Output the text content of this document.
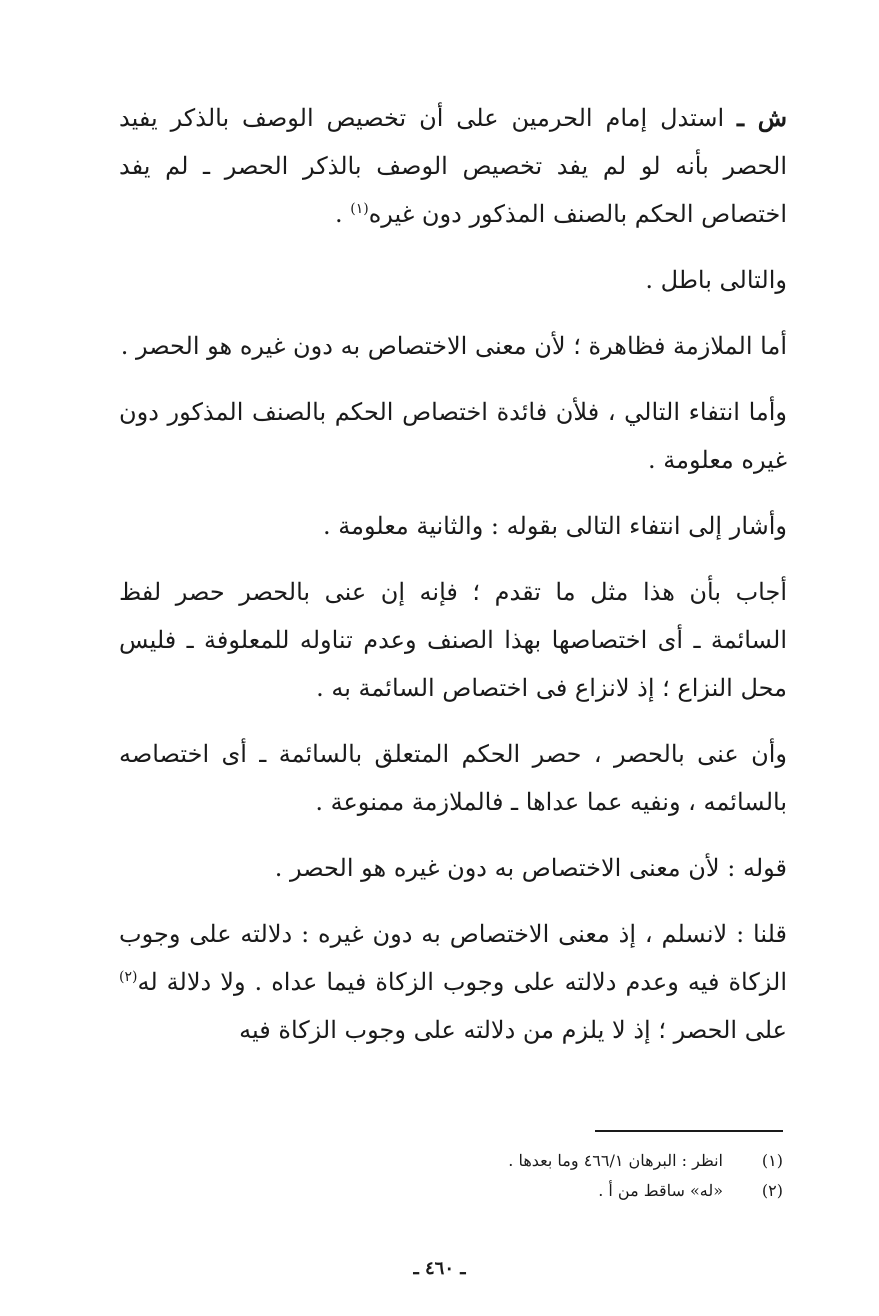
ش ـ استدل إمام الحرمين على أن تخصيص الوصف بالذكر يفيد الحصر بأنه لو لم يفد تخصيص الوصف بالذكر الحصر ـ لم يفد اختصاص الحكم بالصنف المذكور دون غيره$^{(١)}$ .

والتالى باطل .

أما الملازمة فظاهرة ؛ لأن معنى الاختصاص به دون غيره هو الحصر .

وأما انتفاء التالي ، فلأن فائدة اختصاص الحكم بالصنف المذكور دون غيره معلومة .

وأشار إلى انتفاء التالى بقوله : والثانية معلومة .

أجاب بأن هذا مثل ما تقدم ؛ فإنه إن عنى بالحصر حصر لفظ السائمة ـ أى اختصاصها بهذا الصنف وعدم تناوله للمعلوفة ـ فليس محل النزاع ؛ إذ لانزاع فى اختصاص السائمة به .

وأن عنى بالحصر ، حصر الحكم المتعلق بالسائمة ـ أى اختصاصه بالسائمه ، ونفيه عما عداها ـ فالملازمة ممنوعة .

قوله : لأن معنى الاختصاص به دون غيره هو الحصر .

قلنا : لانسلم ، إذ معنى الاختصاص به دون غيره : دلالته على وجوب الزكاة فيه وعدم دلالته على وجوب الزكاة فيما عداه . ولا دلالة له$^{(٢)}$ على الحصر ؛ إذ لا يلزم من دلالته على وجوب الزكاة فيه

(١)
انظر : البرهان ٤٦٦/١ وما بعدها .
(٢)
«له» ساقط من أ .
ـ ٤٦٠ ـ
